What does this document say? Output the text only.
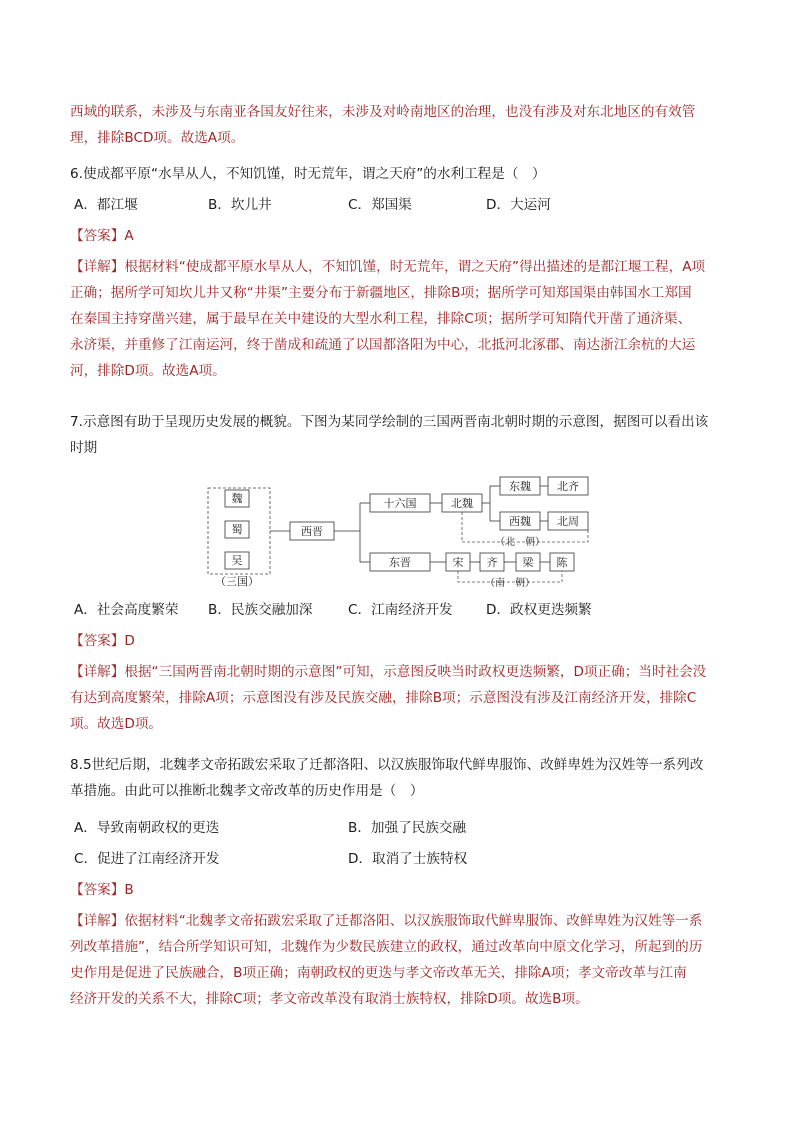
西域的联系，未涉及与东南亚各国友好往来，未涉及对岭南地区的治理，也没有涉及对东北地区的有效管
理，排除BCD项。故选A项。
6.使成都平原“水旱从人，不知饥馑，时无荒年，谓之天府”的水利工程是（　）
A．都江堰	B．坎儿井	C．郑国渠	D．大运河
【答案】A
【详解】根据材料“使成都平原水旱从人，不知饥馑，时无荒年，谓之天府”得出描述的是都江堰工程，A项
正确；据所学可知坎儿井又称“井渠”主要分布于新疆地区，排除B项；据所学可知郑国渠由韩国水工郑国
在秦国主持穿凿兴建，属于最早在关中建设的大型水利工程，排除C项；据所学可知隋代开凿了通济渠、
永济渠，并重修了江南运河，终于凿成和疏通了以国都洛阳为中心，北抵河北涿郡、南达浙江余杭的大运
河，排除D项。故选A项。
7.示意图有助于呈现历史发展的概貌。下图为某同学绘制的三国两晋南北朝时期的示意图，据图可以看出该
时期
魏
蜀
吴
（三国）
西晋
十六国	北魏
东魏 北齐
西魏 北周
（北　朝）
东晋	宋 齐 梁 陈
（南　朝）
A．社会高度繁荣 B．民族交融加深	C．江南经济开发 D．政权更迭频繁
【答案】D
【详解】根据“三国两晋南北朝时期的示意图”可知，示意图反映当时政权更迭频繁，D项正确；当时社会没
有达到高度繁荣，排除A项；示意图没有涉及民族交融，排除B项；示意图没有涉及江南经济开发，排除C
项。故选D项。
8.5世纪后期，北魏孝文帝拓跋宏采取了迁都洛阳、以汉族服饰取代鲜卑服饰、改鲜卑姓为汉姓等一系列改
革措施。由此可以推断北魏孝文帝改革的历史作用是（　）
A．导致南朝政权的更迭	B．加强了民族交融
C．促进了江南经济开发	D．取消了士族特权
【答案】B
【详解】依据材料“北魏孝文帝拓跋宏采取了迁都洛阳、以汉族服饰取代鲜卑服饰、改鲜卑姓为汉姓等一系
列改革措施”，结合所学知识可知，北魏作为少数民族建立的政权，通过改革向中原文化学习，所起到的历
史作用是促进了民族融合，B项正确；南朝政权的更迭与孝文帝改革无关，排除A项；孝文帝改革与江南
经济开发的关系不大，排除C项；孝文帝改革没有取消士族特权，排除D项。故选B项。
